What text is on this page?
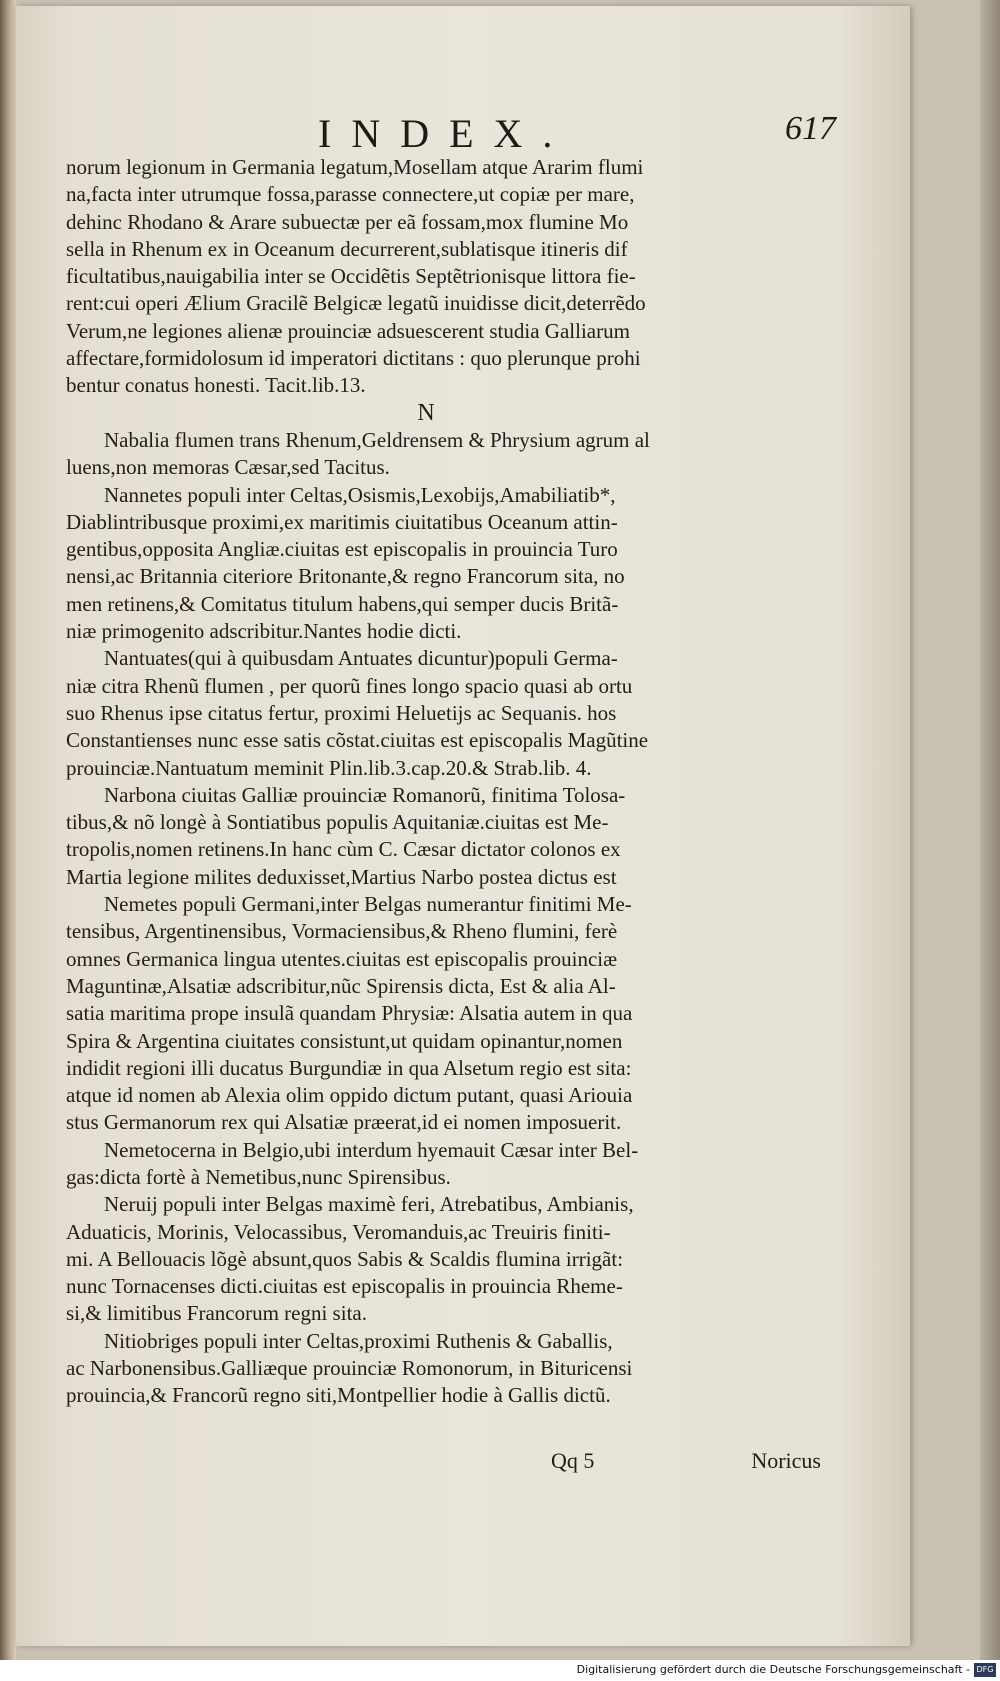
INDEX.	617
norum legionum in Germania legatum,Mosellam atque Ararim flumi
na,facta inter utrumque fossa,parasse connectere,ut copiæ per mare,
dehinc Rhodano & Arare subuectæ per eã fossam,mox flumine Mo
sella in Rhenum ex in Oceanum decurrerent,sublatisque itineris dif
ficultatibus,nauigabilia inter se Occidẽtis Septẽtrionisque littora fie-
rent:cui operi Ælium Gracilẽ Belgicæ legatũ inuidisse dicit,deterrẽdo
Verum,ne legiones alienæ prouinciæ adsuescerent studia Galliarum
affectare,formidolosum id imperatori dictitans : quo plerunque prohi
bentur conatus honesti. Tacit.lib.13.
N
Nabalia flumen trans Rhenum,Geldrensem & Phrysium agrum al
luens,non memoras Cæsar,sed Tacitus.
Nannetes populi inter Celtas,Osismis,Lexobijs,Amabiliatib*,
Diablintribusque proximi,ex maritimis ciuitatibus Oceanum attin-
gentibus,opposita Angliæ.ciuitas est episcopalis in prouincia Turo
nensi,ac Britannia citeriore Britonante,& regno Francorum sita, no
men retinens,& Comitatus titulum habens,qui semper ducis Britã-
niæ primogenito adscribitur.Nantes hodie dicti.
Nantuates(qui à quibusdam Antuates dicuntur)populi Germa-
niæ citra Rhenũ flumen , per quorũ fines longo spacio quasi ab ortu
suo Rhenus ipse citatus fertur, proximi Heluetijs ac Sequanis. hos
Constantienses nunc esse satis cõstat.ciuitas est episcopalis Magũtine
prouinciæ.Nantuatum meminit Plin.lib.3.cap.20.& Strab.lib. 4.
Narbona ciuitas Galliæ prouinciæ Romanorũ, finitima Tolosa-
tibus,& nõ longè à Sontiatibus populis Aquitaniæ.ciuitas est Me-
tropolis,nomen retinens.In hanc cùm C. Cæsar dictator colonos ex
Martia legione milites deduxisset,Martius Narbo postea dictus est
Nemetes populi Germani,inter Belgas numerantur finitimi Me-
tensibus, Argentinensibus, Vormaciensibus,& Rheno flumini, ferè
omnes Germanica lingua utentes.ciuitas est episcopalis prouinciæ
Maguntinæ,Alsatiæ adscribitur,nũc Spirensis dicta, Est & alia Al-
satia maritima prope insulã quandam Phrysiæ: Alsatia autem in qua
Spira & Argentina ciuitates consistunt,ut quidam opinantur,nomen
indidit regioni illi ducatus Burgundiæ in qua Alsetum regio est sita:
atque id nomen ab Alexia olim oppido dictum putant, quasi Ariouia
stus Germanorum rex qui Alsatiæ præerat,id ei nomen imposuerit.
Nemetocerna in Belgio,ubi interdum hyemauit Cæsar inter Bel-
gas:dicta fortè à Nemetibus,nunc Spirensibus.
Neruij populi inter Belgas maximè feri, Atrebatibus, Ambianis,
Aduaticis, Morinis, Velocassibus, Veromanduis,ac Treuiris finiti-
mi. A Bellouacis lõgè absunt,quos Sabis & Scaldis flumina irrigãt:
nunc Tornacenses dicti.ciuitas est episcopalis in prouincia Rheme-
si,& limitibus Francorum regni sita.
Nitiobriges populi inter Celtas,proximi Ruthenis & Gaballis,
ac Narbonensibus.Galliæque prouinciæ Romonorum, in Bituricensi
prouincia,& Francorũ regno siti,Montpellier hodie à Gallis dictũ.
Qq 5	Noricus
Digitalisierung gefördert durch die Deutsche Forschungsgemeinschaft - DFG
